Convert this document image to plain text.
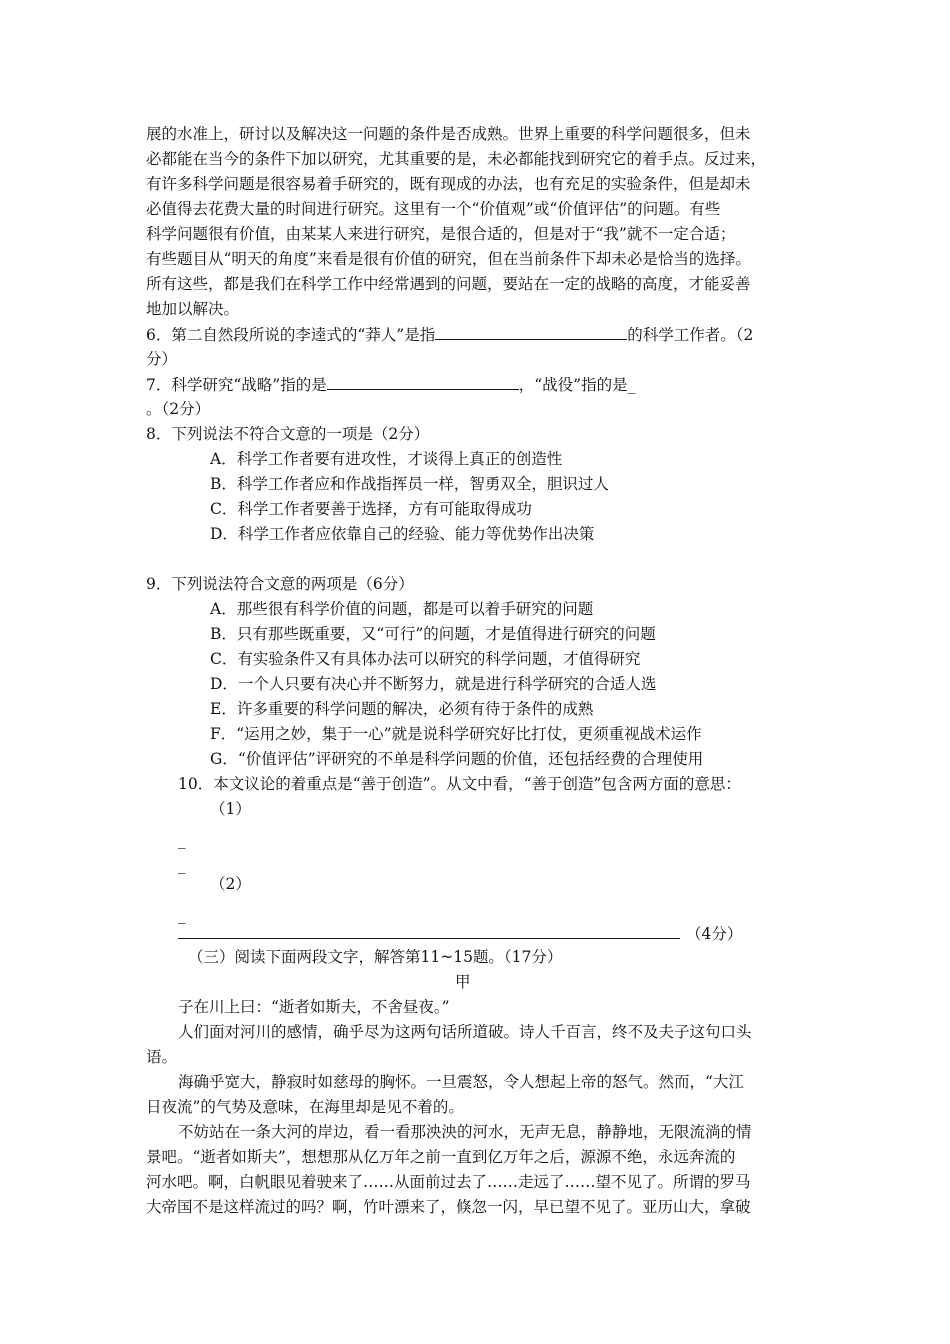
展的水准上，研讨以及解决这一问题的条件是否成熟。世界上重要的科学问题很多，但未
必都能在当今的条件下加以研究，尤其重要的是，未必都能找到研究它的着手点。反过来，
有许多科学问题是很容易着手研究的，既有现成的办法，也有充足的实验条件，但是却未
必值得去花费大量的时间进行研究。这里有一个“价值观”或“价值评估”的问题。有些
科学问题很有价值，由某某人来进行研究，是很合适的，但是对于“我”就不一定合适；
有些题目从“明天的角度”来看是很有价值的研究，但在当前条件下却未必是恰当的选择。
所有这些，都是我们在科学工作中经常遇到的问题，要站在一定的战略的高度，才能妥善
地加以解决。
6．第二自然段所说的李逵式的“莽人”是指	的科学工作者。（2
分）
7．科学研究“战略”指的是	，“战役”指的是_
。（2分）
8．下列说法不符合文意的一项是（2分）
A．科学工作者要有进攻性，才谈得上真正的创造性
B．科学工作者应和作战指挥员一样，智勇双全，胆识过人
C．科学工作者要善于选择，方有可能取得成功
D．科学工作者应依靠自己的经验、能力等优势作出决策
9．下列说法符合文意的两项是（6分）
A．那些很有科学价值的问题，都是可以着手研究的问题
B．只有那些既重要，又“可行”的问题，才是值得进行研究的问题
C．有实验条件又有具体办法可以研究的科学问题，才值得研究
D．一个人只要有决心并不断努力，就是进行科学研究的合适人选
E．许多重要的科学问题的解决，必须有待于条件的成熟
F．“运用之妙，集于一心”就是说科学研究好比打仗，更须重视战术运作
G．“价值评估”评研究的不单是科学问题的价值，还包括经费的合理使用
10．本文议论的着重点是“善于创造”。从文中看，“善于创造”包含两方面的意思：
（1）
_
_
（2）
_
（4分）
（三）阅读下面两段文字，解答第11~15题。（17分）
甲
子在川上曰：“逝者如斯夫，不舍昼夜。”
人们面对河川的感情，确乎尽为这两句话所道破。诗人千百言，终不及夫子这句口头
语。
海确乎宽大，静寂时如慈母的胸怀。一旦震怒，令人想起上帝的怒气。然而，“大江
日夜流”的气势及意味，在海里却是见不着的。
不妨站在一条大河的岸边，看一看那泱泱的河水，无声无息，静静地，无限流淌的情
景吧。“逝者如斯夫”，想想那从亿万年之前一直到亿万年之后，源源不绝，永远奔流的
河水吧。啊，白帆眼见着驶来了……从面前过去了……走远了……望不见了。所谓的罗马
大帝国不是这样流过的吗？啊，竹叶漂来了，倏忽一闪，早已望不见了。亚历山大，拿破
